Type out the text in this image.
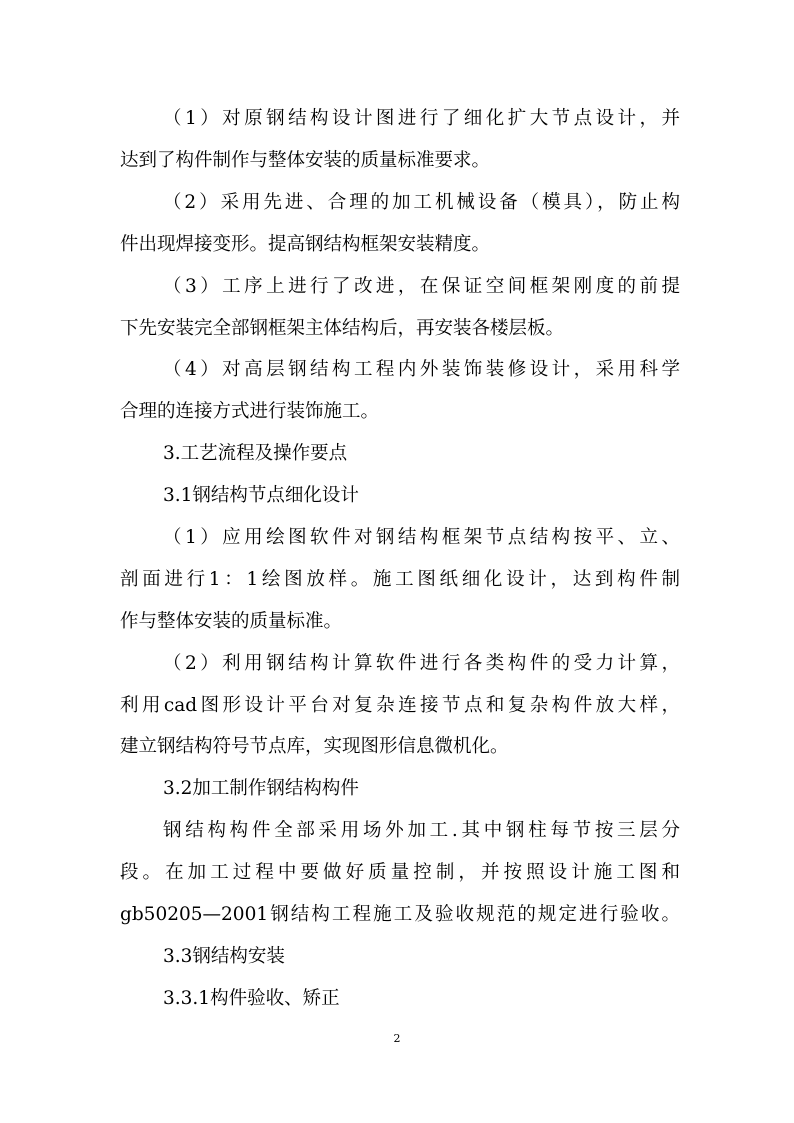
（1）对原钢结构设计图进行了细化扩大节点设计，并
达到了构件制作与整体安装的质量标准要求。
（2）采用先进、合理的加工机械设备（模具），防止构
件出现焊接变形。提高钢结构框架安装精度。
（3）工序上进行了改进，在保证空间框架刚度的前提
下先安装完全部钢框架主体结构后，再安装各楼层板。
（4）对高层钢结构工程内外装饰装修设计，采用科学
合理的连接方式进行装饰施工。
3.工艺流程及操作要点
3.1钢结构节点细化设计
（1）应用绘图软件对钢结构框架节点结构按平、立、
剖面进行1：1绘图放样。施工图纸细化设计，达到构件制
作与整体安装的质量标准。
（2）利用钢结构计算软件进行各类构件的受力计算，
利用cad图形设计平台对复杂连接节点和复杂构件放大样，
建立钢结构符号节点库，实现图形信息微机化。
3.2加工制作钢结构构件
钢结构构件全部采用场外加工.其中钢柱每节按三层分
段。在加工过程中要做好质量控制，并按照设计施工图和
gb50205—2001钢结构工程施工及验收规范的规定进行验收。
3.3钢结构安装
3.3.1构件验收、矫正
2
